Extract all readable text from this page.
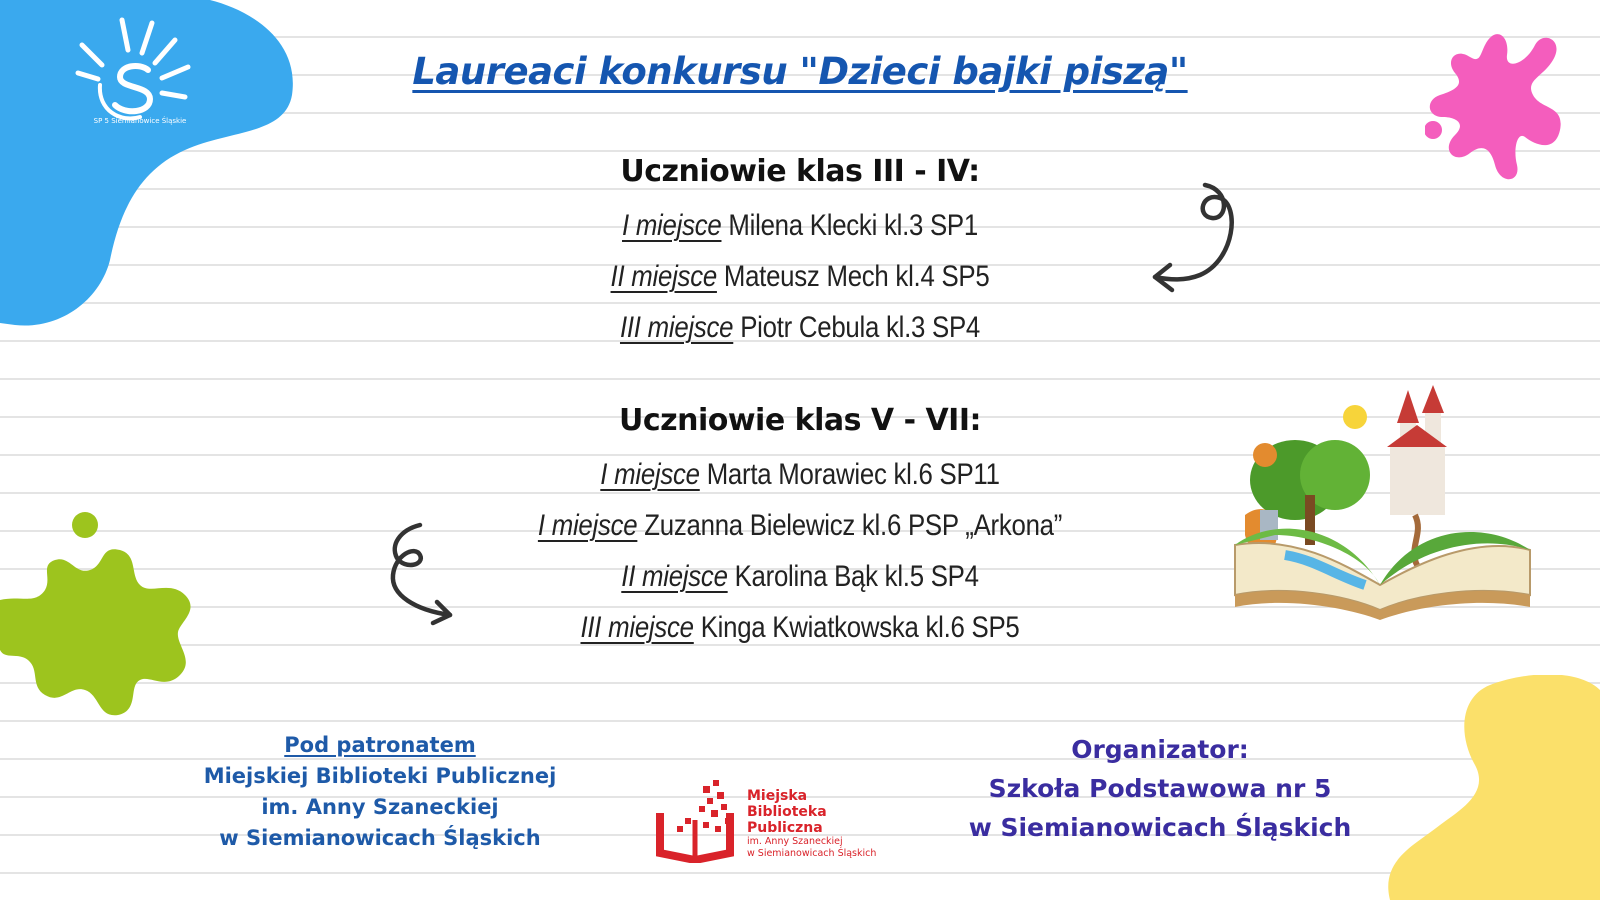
SP 5 Siemianowice Śląskie
Laureaci konkursu "Dzieci bajki piszą"
Uczniowie klas III - IV:
I miejsce Milena Klecki kl.3 SP1
II miejsce Mateusz Mech kl.4 SP5
III miejsce Piotr Cebula kl.3 SP4
Uczniowie klas V - VII:
I miejsce Marta Morawiec kl.6 SP11
I miejsce Zuzanna Bielewicz kl.6 PSP „Arkona”
II miejsce Karolina Bąk kl.5 SP4
III miejsce Kinga Kwiatkowska kl.6 SP5
Pod patronatem
Miejskiej Biblioteki Publicznej
im. Anny Szaneckiej
w Siemianowicach Śląskich
Miejska
Biblioteka Publiczna
im. Anny Szaneckiej
w Siemianowicach Śląskich
Organizator:
Szkoła Podstawowa nr 5
w Siemianowicach Śląskich
